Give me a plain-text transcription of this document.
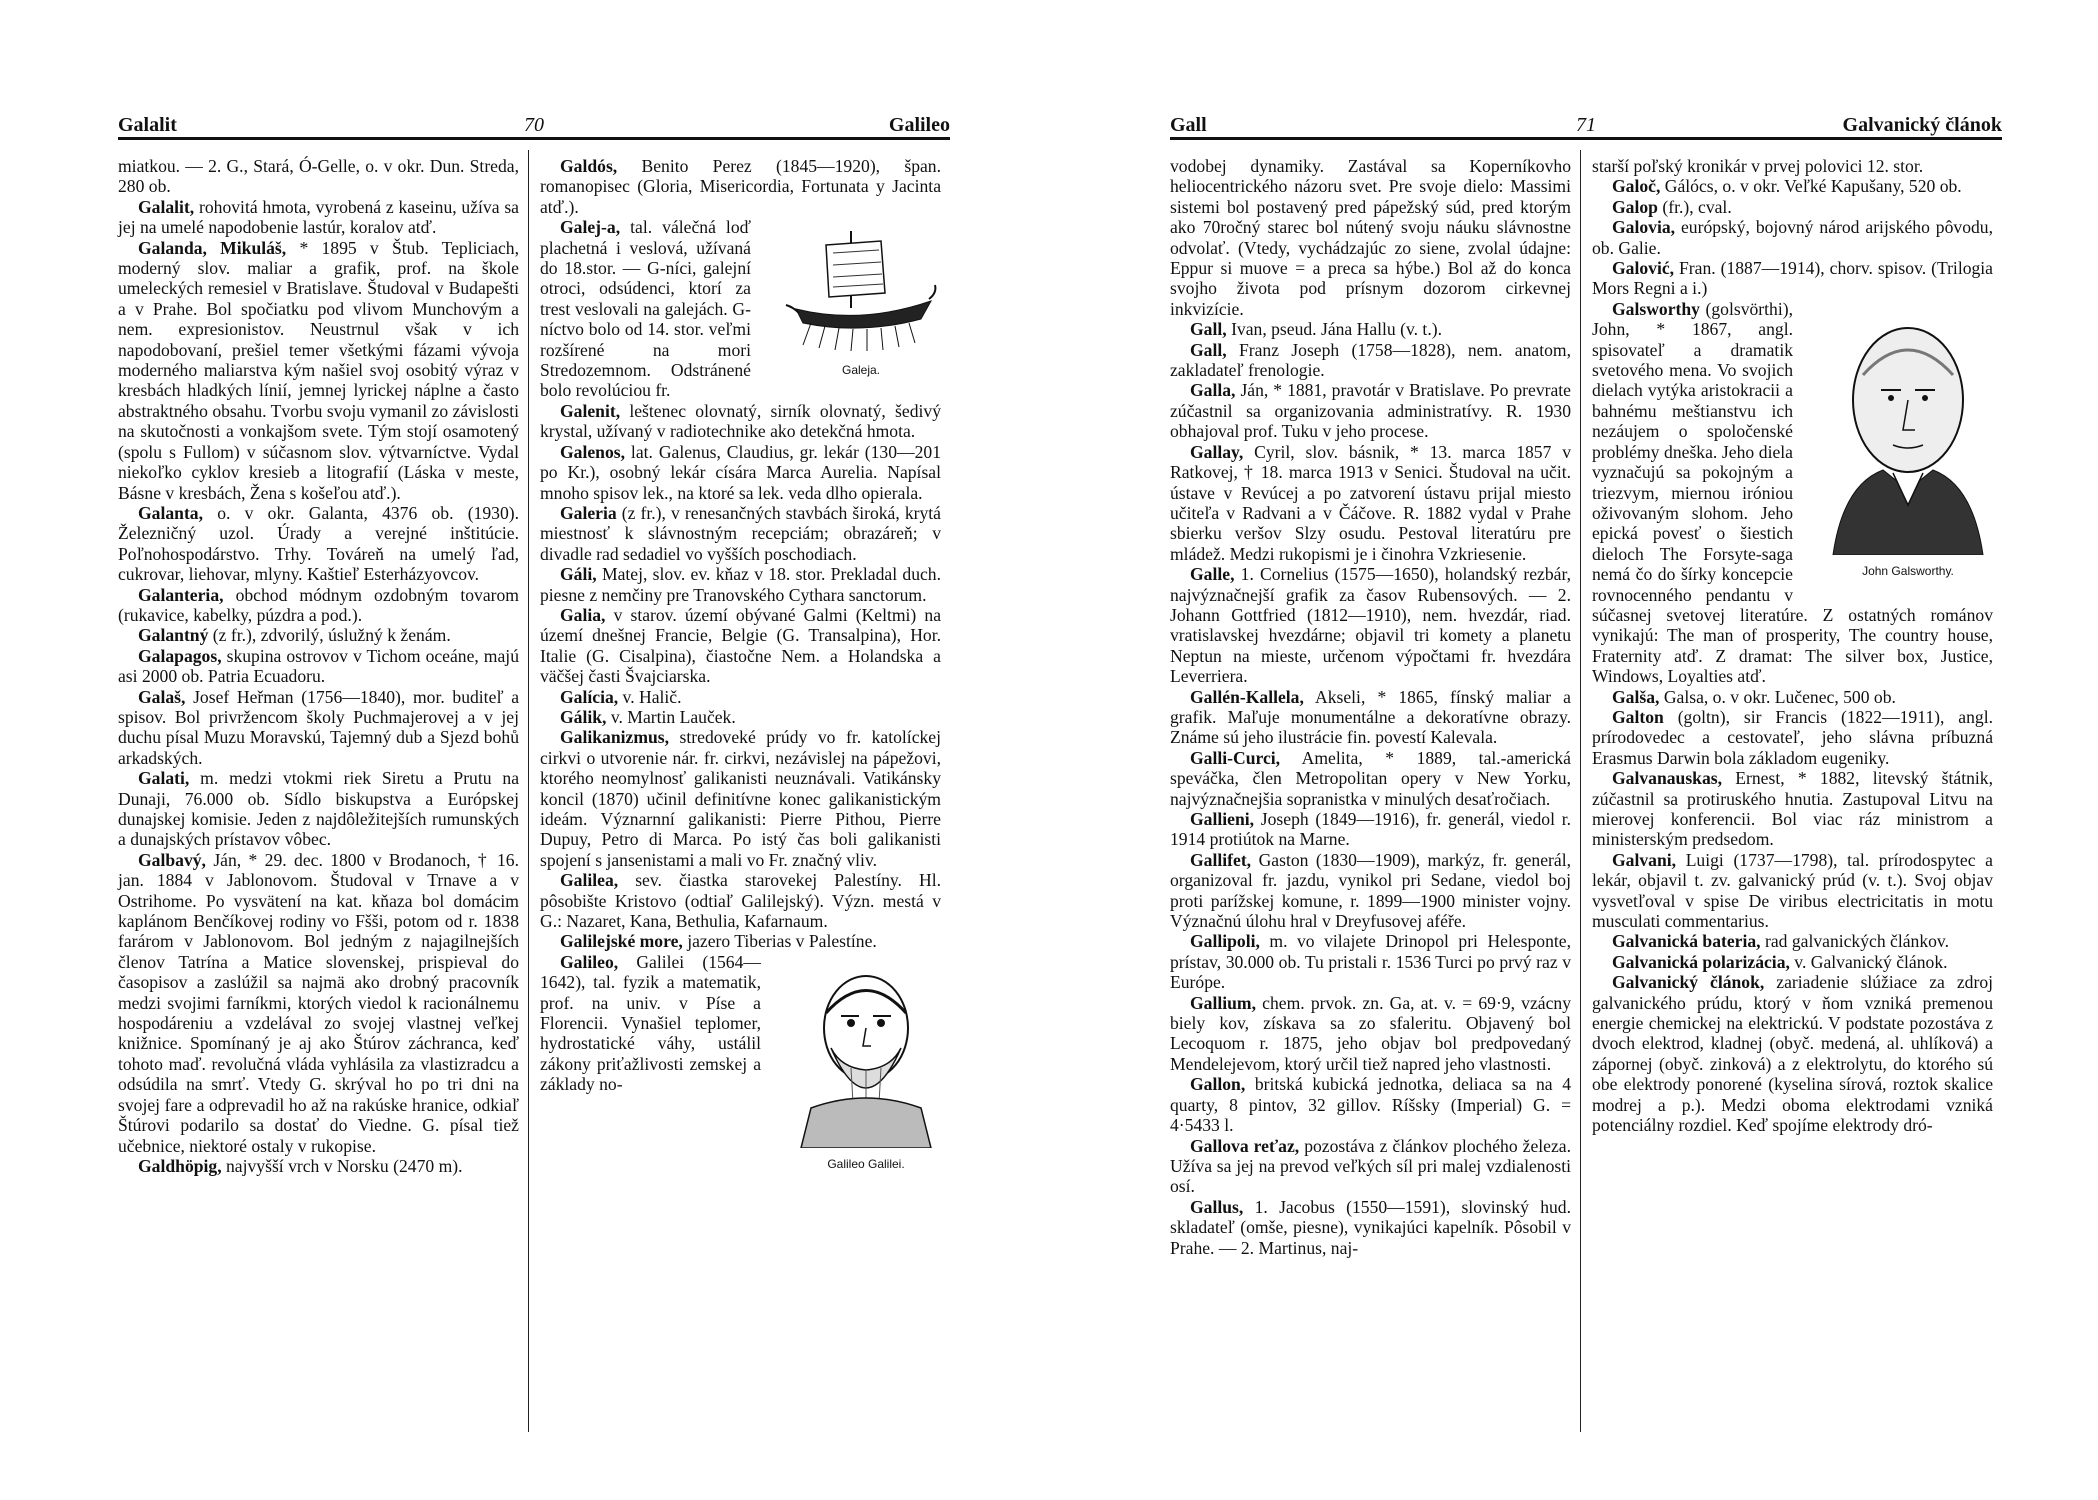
Galalit	70	Galileo

miatkou. — 2. G., Stará, Ó-Gelle, o. v okr. Dun. Streda, 280 ob.

Galalit, rohovitá hmota, vyrobená z kaseinu, užíva sa jej na umelé napodobenie lastúr, koralov atď.

Galanda, Mikuláš, * 1895 v Štub. Tepliciach, moderný slov. maliar a grafik, prof. na škole umeleckých remesiel v Bratislave. Študoval v Budapešti a v Prahe. Bol spočiatku pod vlivom Munchovým a nem. expresionistov. Neustrnul však v ich napodobovaní, prešiel temer všetkými fázami vývoja moderného maliarstva kým našiel svoj osobitý výraz v kresbách hladkých línií, jemnej lyrickej náplne a často abstraktného obsahu. Tvorbu svoju vymanil zo závislosti na skutočnosti a vonkajšom svete. Tým stojí osamotený (spolu s Fullom) v súčasnom slov. výtvarníctve. Vydal niekoľko cyklov kresieb a litografií (Láska v meste, Básne v kresbách, Žena s košeľou atď.).

Galanta, o. v okr. Galanta, 4376 ob. (1930). Železničný uzol. Úrady a verejné inštitúcie. Poľnohospodárstvo. Trhy. Továreň na umelý ľad, cukrovar, liehovar, mlyny. Kaštieľ Esterházyovcov.

Galanteria, obchod módnym ozdobným tovarom (rukavice, kabelky, púzdra a pod.).

Galantný (z fr.), zdvorilý, úslužný k ženám.

Galapagos, skupina ostrovov v Tichom oceáne, majú asi 2000 ob. Patria Ecuadoru.

Galaš, Josef Heřman (1756—1840), mor. buditeľ a spisov. Bol privržencom školy Puchmajerovej a v jej duchu písal Muzu Moravskú, Tajemný dub a Sjezd bohů arkadských.

Galati, m. medzi vtokmi riek Siretu a Prutu na Dunaji, 76.000 ob. Sídlo biskupstva a Európskej dunajskej komisie. Jeden z najdôležitejších rumunských a dunajských prístavov vôbec.

Galbavý, Ján, * 29. dec. 1800 v Brodanoch, † 16. jan. 1884 v Jablonovom. Študoval v Trnave a v Ostrihome. Po vysvätení na kat. kňaza bol domácim kaplánom Benčíkovej rodiny vo Fšši, potom od r. 1838 farárom v Jablonovom. Bol jedným z najagilnejších členov Tatrína a Matice slovenskej, prispieval do časopisov a zaslúžil sa najmä ako drobný pracovník medzi svojimi farníkmi, ktorých viedol k racionálnemu hospodáreniu a vzdelával zo svojej vlastnej veľkej knižnice. Spomínaný je aj ako Štúrov záchranca, keď tohoto maď. revolučná vláda vyhlásila za vlastizradcu a odsúdila na smrť. Vtedy G. skrýval ho po tri dni na svojej fare a odprevadil ho až na rakúske hranice, odkiaľ Štúrovi podarilo sa dostať do Viedne. G. písal tiež učebnice, niektoré ostaly v rukopise.

Galdhöpig, najvyšší vrch v Norsku (2470 m).

Galdós, Benito Perez (1845—1920), špan. romanopisec (Gloria, Misericordia, Fortunata y Jacinta atď.).

Galeja.
Galej-a, tal. válečná loď plachetná i veslová, užívaná do 18.stor. — G-níci, galejní otroci, odsúdenci, ktorí za trest veslovali na galejách. G-níctvo bolo od 14. stor. veľmi rozšírené na mori Stredozemnom. Odstránené bolo revolúciou fr.

Galenit, leštenec olovnatý, sirník olovnatý, šedivý krystal, užívaný v radiotechnike ako detekčná hmota.

Galenos, lat. Galenus, Claudius, gr. lekár (130—201 po Kr.), osobný lekár císára Marca Aurelia. Napísal mnoho spisov lek., na ktoré sa lek. veda dlho opierala.

Galeria (z fr.), v renesančných stavbách široká, krytá miestnosť k slávnostným recepciám; obrazáreň; v divadle rad sedadiel vo vyšších poschodiach.

Gáli, Matej, slov. ev. kňaz v 18. stor. Prekladal duch. piesne z nemčiny pre Tranovského Cythara sanctorum.

Galia, v starov. území obývané Galmi (Keltmi) na území dnešnej Francie, Belgie (G. Transalpina), Hor. Italie (G. Cisalpina), čiastočne Nem. a Holandska a väčšej časti Švajciarska.

Galícia, v. Halič.

Gálik, v. Martin Lauček.

Galikanizmus, stredoveké prúdy vo fr. katolíckej cirkvi o utvorenie nár. fr. cirkvi, nezávislej na pápežovi, ktorého neomylnosť galikanisti neuznávali. Vatikánsky koncil (1870) učinil definitívne konec galikanistickým ideám. Význarnní galikanisti: Pierre Pithou, Pierre Dupuy, Petro di Marca. Po istý čas boli galikanisti spojení s jansenistami a mali vo Fr. značný vliv.

Galilea, sev. čiastka starovekej Palestíny. Hl. pôsobište Kristovo (odtiaľ Galilejský). Význ. mestá v G.: Nazaret, Kana, Bethulia, Kafarnaum.

Galilejské more, jazero Tiberias v Palestíne.

Galileo Galilei.
Galileo, Galilei (1564—1642), tal. fyzik a matematik, prof. na univ. v Píse a Florencii. Vynašiel teplomer, hydrostatické váhy, ustálil zákony priťažlivosti zemskej a základy no-

Gall	71	Galvanický článok

vodobej dynamiky. Zastával sa Koperníkovho heliocentrického názoru svet. Pre svoje dielo: Massimi sistemi bol postavený pred pápežský súd, pred ktorým ako 70ročný starec bol nútený svoju náuku slávnostne odvolať. (Vtedy, vychádzajúc zo siene, zvolal údajne: Eppur si muove = a preca sa hýbe.) Bol až do konca svojho života pod prísnym dozorom cirkevnej inkvizície.

Gall, Ivan, pseud. Jána Hallu (v. t.).

Gall, Franz Joseph (1758—1828), nem. anatom, zakladateľ frenologie.

Galla, Ján, * 1881, pravotár v Bratislave. Po prevrate zúčastnil sa organizovania administratívy. R. 1930 obhajoval prof. Tuku v jeho procese.

Gallay, Cyril, slov. básnik, * 13. marca 1857 v Ratkovej, † 18. marca 1913 v Senici. Študoval na učit. ústave v Revúcej a po zatvorení ústavu prijal miesto učiteľa v Radvani a v Čáčove. R. 1882 vydal v Prahe sbierku veršov Slzy osudu. Pestoval literatúru pre mládež. Medzi rukopismi je i činohra Vzkriesenie.

Galle, 1. Cornelius (1575—1650), holandský rezbár, najvýznačnejší grafik za časov Rubensových. — 2. Johann Gottfried (1812—1910), nem. hvezdár, riad. vratislavskej hvezdárne; objavil tri komety a planetu Neptun na mieste, určenom výpočtami fr. hvezdára Leverriera.

Gallén-Kallela, Akseli, * 1865, fínský maliar a grafik. Maľuje monumentálne a dekoratívne obrazy. Známe sú jeho ilustrácie fin. povestí Kalevala.

Galli-Curci, Amelita, * 1889, tal.-americká speváčka, člen Metropolitan opery v New Yorku, najvýznačnejšia sopranistka v minulých desaťročiach.

Gallieni, Joseph (1849—1916), fr. generál, viedol r. 1914 protiútok na Marne.

Gallifet, Gaston (1830—1909), markýz, fr. generál, organizoval fr. jazdu, vynikol pri Sedane, viedol boj proti parížskej komune, r. 1899—1900 minister vojny. Význačnú úlohu hral v Dreyfusovej aféře.

Gallipoli, m. vo vilajete Drinopol pri Helesponte, prístav, 30.000 ob. Tu pristali r. 1536 Turci po prvý raz v Európe.

Gallium, chem. prvok. zn. Ga, at. v. = 69·9, vzácny biely kov, získava sa zo sfaleritu. Objavený bol Lecoquom r. 1875, jeho objav bol predpovedaný Mendelejevom, ktorý určil tiež napred jeho vlastnosti.

Gallon, britská kubická jednotka, deliaca sa na 4 quarty, 8 pintov, 32 gillov. Ríšsky (Imperial) G. = 4·5433 l.

Gallova reťaz, pozostáva z článkov plochého železa. Užíva sa jej na prevod veľkých síl pri malej vzdialenosti osí.

Gallus, 1. Jacobus (1550—1591), slovinský hud. skladateľ (omše, piesne), vynikajúci kapelník. Pôsobil v Prahe. — 2. Martinus, naj-

starší poľský kronikár v prvej polovici 12. stor.

Galoč, Gálócs, o. v okr. Veľké Kapušany, 520 ob.

Galop (fr.), cval.

Galovia, európský, bojovný národ arijského pôvodu, ob. Galie.

Galović, Fran. (1887—1914), chorv. spisov. (Trilogia Mors Regni a i.)

John Galsworthy.
Galsworthy (golsvörthi), John, * 1867, angl. spisovateľ a dramatik svetového mena. Vo svojich dielach vytýka aristokracii a bahnému meštianstvu ich nezáujem o spoločenské problémy dneška. Jeho diela vyznačujú sa pokojným a triezvym, miernou iróniou oživovaným slohom. Jeho epická povesť o šiestich dieloch The Forsyte-saga nemá čo do šírky koncepcie rovnocenného pendantu v súčasnej svetovej literatúre. Z ostatných románov vynikajú: The man of prosperity, The country house, Fraternity atď. Z dramat: The silver box, Justice, Windows, Loyalties atď.

Galša, Galsa, o. v okr. Lučenec, 500 ob.

Galton (goltn), sir Francis (1822—1911), angl. prírodovedec a cestovateľ, jeho slávna príbuzná Erasmus Darwin bola základom eugeniky.

Galvanauskas, Ernest, * 1882, litevský štátnik, zúčastnil sa protiruského hnutia. Zastupoval Litvu na mierovej konferencii. Bol viac ráz ministrom a ministerským predsedom.

Galvani, Luigi (1737—1798), tal. prírodospytec a lekár, objavil t. zv. galvanický prúd (v. t.). Svoj objav vysvetľoval v spise De viribus electricitatis in motu musculati commentarius.

Galvanická bateria, rad galvanických článkov.

Galvanická polarizácia, v. Galvanický článok.

Galvanický článok, zariadenie slúžiace za zdroj galvanického prúdu, ktorý v ňom vzniká premenou energie chemickej na elektrickú. V podstate pozostáva z dvoch elektrod, kladnej (obyč. medená, al. uhlíková) a zápornej (obyč. zinková) a z elektrolytu, do ktorého sú obe elektrody ponorené (kyselina sírová, roztok skalice modrej a p.). Medzi oboma elektrodami vzniká potenciálny rozdiel. Keď spojíme elektrody dró-
